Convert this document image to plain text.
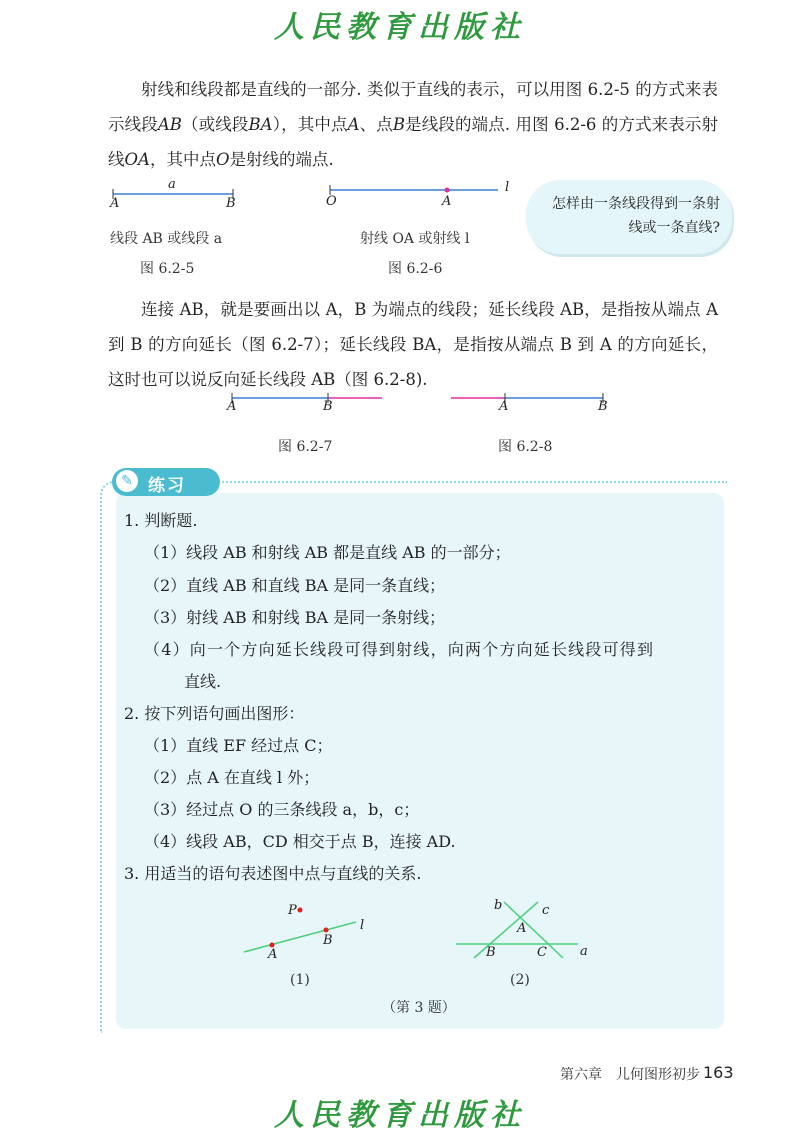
人民教育出版社

射线和线段都是直线的一部分. 类似于直线的表示，可以用图 6.2-5 的方式来表示线段AB（或线段BA），其中点A、点B是线段的端点. 用图 6.2-6 的方式来表示射线OA，其中点O是射线的端点.

a
A	B
线段 AB 或线段 a
图 6.2-5
O	A
l
射线 OA 或射线 l
图 6.2-6
怎样由一条线段得到一条射线或一条直线?

连接 AB，就是要画出以 A，B 为端点的线段；延长线段 AB，是指按从端点 A 到 B 的方向延长（图 6.2-7）；延长线段 BA，是指按从端点 B 到 A 的方向延长，这时也可以说反向延长线段 AB（图 6.2-8).

A	B
图 6.2-7
A	B
图 6.2-8
✎ 练习
1. 判断题.
（1）线段 AB 和射线 AB 都是直线 AB 的一部分；
（2）直线 AB 和直线 BA 是同一条直线；
（3）射线 AB 和射线 BA 是同一条射线；
（4）向一个方向延长线段可得到射线，向两个方向延长线段可得到
直线.
2. 按下列语句画出图形：
（1）直线 EF 经过点 C；
（2）点 A 在直线 l 外；
（3）经过点 O 的三条线段 a，b，c；
（4）线段 AB，CD 相交于点 B，连接 AD.
3. 用适当的语句表述图中点与直线的关系.
P
A
B
l
(1)
b	c
A
B	C	a
(2)
（第 3 题）
第六章　儿何图形初步 163
人民教育出版社
